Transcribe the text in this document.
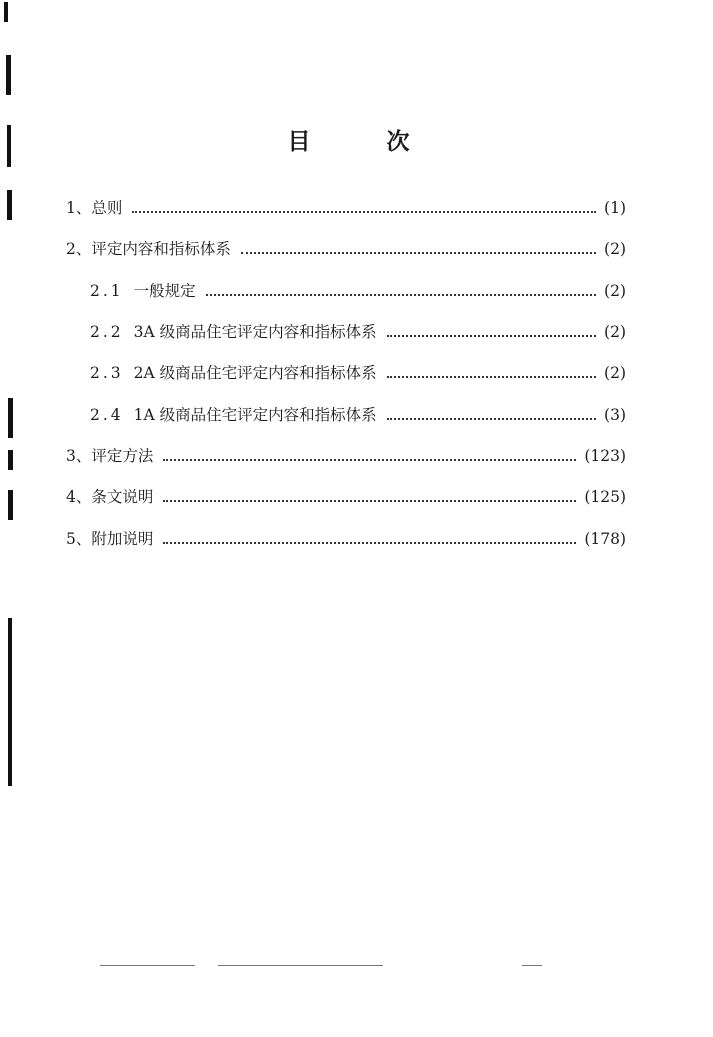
目 次
1、总则	(1)
2、评定内容和指标体系	(2)
2.1 一般规定	(2)
2.2 3A 级商品住宅评定内容和指标体系	(2)
2.3 2A 级商品住宅评定内容和指标体系	(2)
2.4 1A 级商品住宅评定内容和指标体系	(3)
3、评定方法	(123)
4、条文说明	(125)
5、附加说明	(178)
